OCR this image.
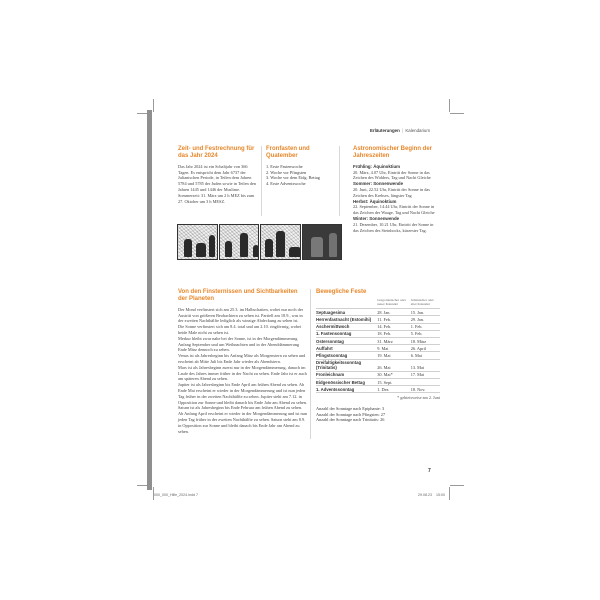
Erläuterungen | Kalendarium
Zeit- und Festrechnung für das Jahr 2024

Das Jahr 2024 ist ein Schaltjahr von 366 Tagen. Es entspricht dem Jahr 6737 der Julianischen Periode, in Teilen dem Jahren 5784 und 5785 der Juden sowie in Teilen den Jahren 1445 und 1446 der Muslime. Sommerzeit: 31. März um 2 h MEZ bis zum 27. Oktober um 3 h MESZ.

Fronfasten und Quatember
1. Erste Fastenwoche
2. Woche vor Pfingsten
3. Woche vor dem Eidg. Bettag
4. Erste Adventswoche
Astronomischer Beginn der Jahreszeiten

Frühling: Äquinoktium

20. März, 4.07 Uhr, Eintritt der Sonne in das Zeichen des Widders, Tag und Nacht Gleiche

Sommer: Sonnenwende

20. Juni, 22.52 Uhr, Eintritt der Sonne in das Zeichen des Krebses, längster Tag

Herbst: Äquinoktium

22. September, 14.44 Uhr, Eintritt der Sonne in das Zeichen der Waage, Tag und Nacht Gleiche

Winter: Sonnenwende

21. Dezember, 10.21 Uhr, Eintritt der Sonne in das Zeichen des Steinbocks, kürzester Tag.

Von den Finsternissen und Sichtbarkeiten der Planeten

Der Mond verfinstert sich am 25.3. im Halbschatten, wobei nur noch der Austritt von größeren Beobachtern zu sehen ist. Partiell am 18.9., was in der zweiten Nachthälfte lediglich als winzige Abdeckung zu sehen ist.

Die Sonne verfinstert sich am 8.4. total und am 2.10. ringförmig, wobei beide Male nicht zu sehen ist.

Merkur bleibt zwar nahe bei der Sonne, ist in der Morgendämmerung Anfang September und um Weihnachten und in der Abenddämmerung Ende März dennoch zu sehen.

Venus ist als Jahresbeginn bis Anfang März als Morgenstern zu sehen und erscheint ab Mitte Juli bis Ende Jahr wieder als Abendstern.

Mars ist als Jahresbeginn zuerst nur in der Morgendämmerung, danach im Laufe des Jahres immer früher in der Nacht zu sehen. Ende Jahr ist er auch am späteren Abend zu sehen.

Jupiter ist als Jahresbeginn bis Ende April am frühen Abend zu sehen. Ab Ende Mai erscheint er wieder in der Morgendämmerung und ist nun jeden Tag früher in der zweiten Nachthälfte zu sehen. Jupiter steht am 7.12. in Opposition zur Sonne und bleibt danach bis Ende Jahr am Abend zu sehen.

Saturn ist als Jahresbeginn bis Ende Februar am frühen Abend zu sehen. Ab Anfang April erscheint er wieder in der Morgendämmerung und ist nun jeden Tag früher in der zweiten Nachthälfte zu sehen. Saturn steht am 8.9. in Opposition zur Sonne und bleibt danach bis Ende Jahr am Abend zu sehen.

Bewegliche Feste
	Gregorianischer oder neuer Kalender	Julianischer oder alter Kalender
Septuagesima	28. Jan.	15. Jan.
Herrenfastnacht (Estomihi)	11. Feb.	29. Jan.
Aschermittwoch	14. Feb.	1. Feb.
1. Fastensonntag	18. Feb.	5. Feb.
Ostersonntag	31. März	18. März
Auffahrt	9. Mai	26. April
Pfingstsonntag	19. Mai	6. Mai
Dreifaltigkeitssonntag (Trinitatis)	26. Mai	13. Mai
Fronleichnam	30. Mai*	17. Mai
Eidgenössischer Bettag	15. Sept.	
1. Adventssonntag	1. Dez.	18. Nov.
* gebietsweise am 2. Juni
Anzahl der Sonntage nach Epiphanie: 3
Anzahl der Sonntage nach Pfingsten: 27
Anzahl der Sonntage nach Trinitatis: 26
7
000_000_Hilfe_2024.indd 7	29.08.23 15:00
